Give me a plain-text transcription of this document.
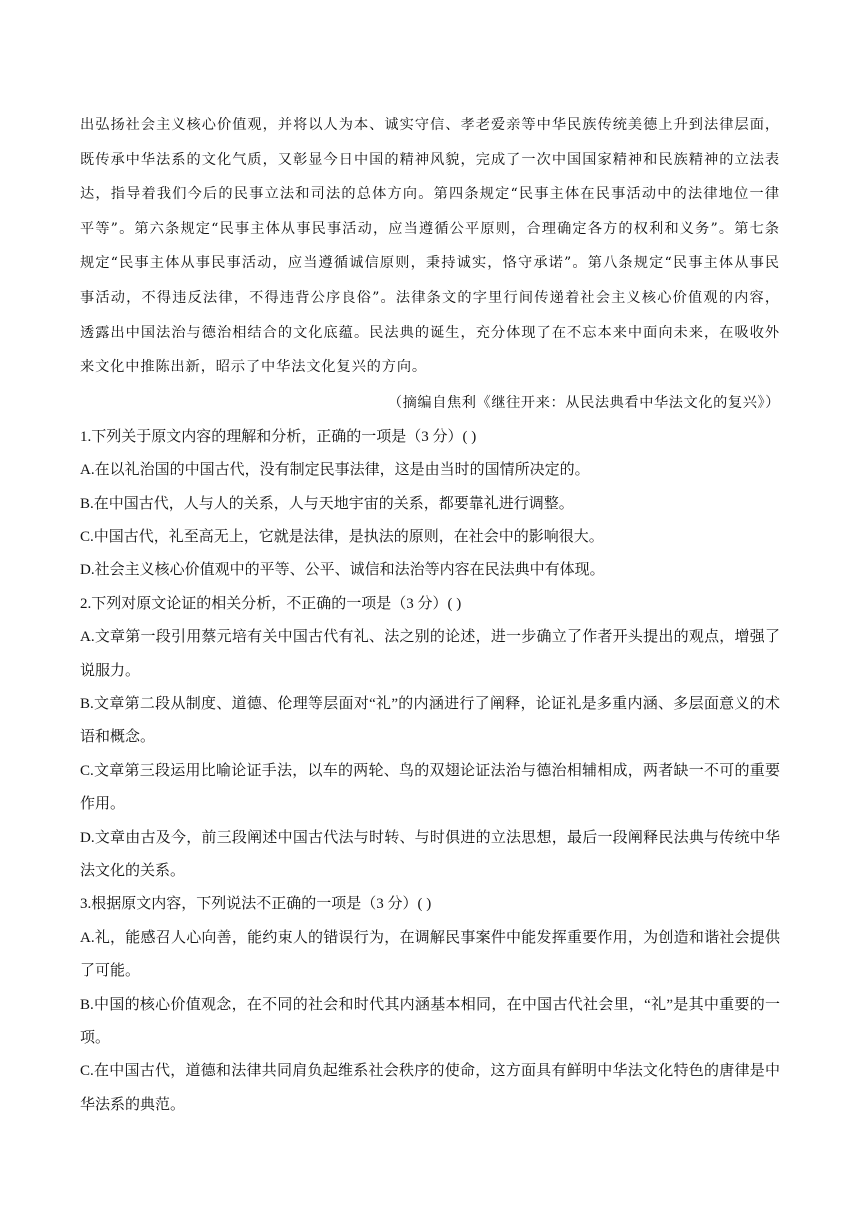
出弘扬社会主义核心价值观，并将以人为本、诚实守信、孝老爱亲等中华民族传统美德上升到法律层面，既传承中华法系的文化气质，又彰显今日中国的精神风貌，完成了一次中国国家精神和民族精神的立法表达，指导着我们今后的民事立法和司法的总体方向。第四条规定“民事主体在民事活动中的法律地位一律平等”。第六条规定“民事主体从事民事活动，应当遵循公平原则，合理确定各方的权利和义务”。第七条规定“民事主体从事民事活动，应当遵循诚信原则，秉持诚实，恪守承诺”。第八条规定“民事主体从事民事活动，不得违反法律，不得违背公序良俗”。法律条文的字里行间传递着社会主义核心价值观的内容，透露出中国法治与德治相结合的文化底蕴。民法典的诞生，充分体现了在不忘本来中面向未来，在吸收外来文化中推陈出新，昭示了中华法文化复兴的方向。

（摘编自焦利《继往开来：从民法典看中华法文化的复兴》）

1.下列关于原文内容的理解和分析，正确的一项是（3 分）( )

A.在以礼治国的中国古代，没有制定民事法律，这是由当时的国情所决定的。

B.在中国古代，人与人的关系，人与天地宇宙的关系，都要靠礼进行调整。

C.中国古代，礼至高无上，它就是法律，是执法的原则，在社会中的影响很大。

D.社会主义核心价值观中的平等、公平、诚信和法治等内容在民法典中有体现。

2.下列对原文论证的相关分析，不正确的一项是（3 分）( )

A.文章第一段引用蔡元培有关中国古代有礼、法之别的论述，进一步确立了作者开头提出的观点，增强了说服力。

B.文章第二段从制度、道德、伦理等层面对“礼”的内涵进行了阐释，论证礼是多重内涵、多层面意义的术语和概念。

C.文章第三段运用比喻论证手法，以车的两轮、鸟的双翅论证法治与德治相辅相成，两者缺一不可的重要作用。

D.文章由古及今，前三段阐述中国古代法与时转、与时俱进的立法思想，最后一段阐释民法典与传统中华法文化的关系。

3.根据原文内容，下列说法不正确的一项是（3 分）( )

A.礼，能感召人心向善，能约束人的错误行为，在调解民事案件中能发挥重要作用，为创造和谐社会提供了可能。

B.中国的核心价值观念，在不同的社会和时代其内涵基本相同，在中国古代社会里，“礼”是其中重要的一项。

C.在中国古代，道德和法律共同肩负起维系社会秩序的使命，这方面具有鲜明中华法文化特色的唐律是中华法系的典范。
